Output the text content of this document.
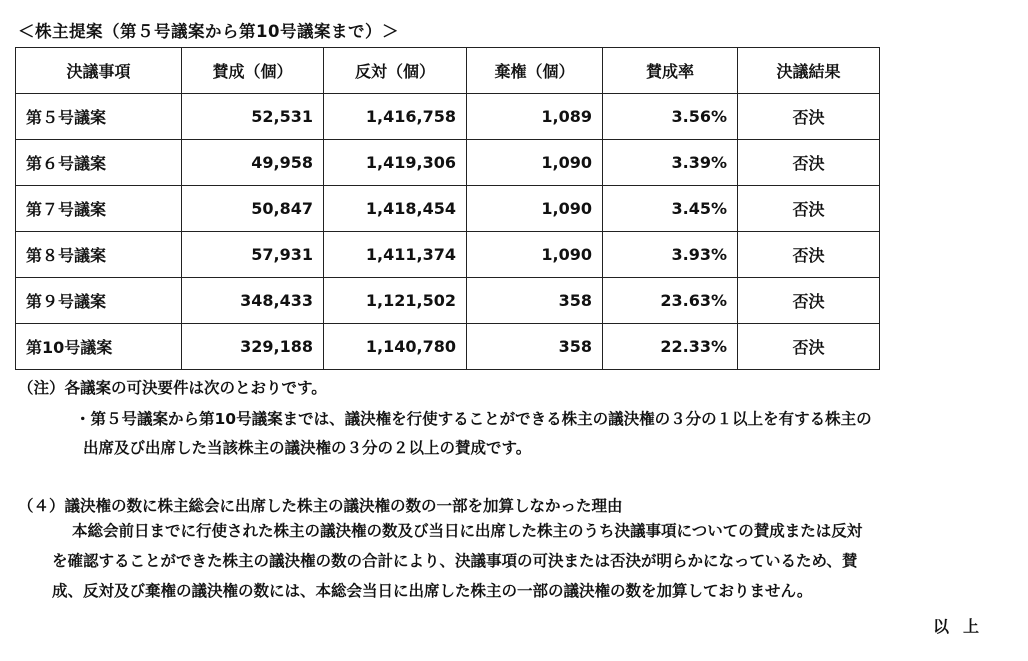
＜株主提案（第５号議案から第10号議案まで）＞
決議事項	賛成（個）	反対（個）	棄権（個）	賛成率	決議結果
第５号議案	52,531	1,416,758	1,089	3.56%	否決
第６号議案	49,958	1,419,306	1,090	3.39%	否決
第７号議案	50,847	1,418,454	1,090	3.45%	否決
第８号議案	57,931	1,411,374	1,090	3.93%	否決
第９号議案	348,433	1,121,502	358	23.63%	否決
第10号議案	329,188	1,140,780	358	22.33%	否決
（注）各議案の可決要件は次のとおりです。
・第５号議案から第10号議案までは、議決権を行使することができる株主の議決権の３分の１以上を有する株主の
出席及び出席した当該株主の議決権の３分の２以上の賛成です。
（４）議決権の数に株主総会に出席した株主の議決権の数の一部を加算しなかった理由
本総会前日までに行使された株主の議決権の数及び当日に出席した株主のうち決議事項についての賛成または反対
を確認することができた株主の議決権の数の合計により、決議事項の可決または否決が明らかになっているため、賛
成、反対及び棄権の議決権の数には、本総会当日に出席した株主の一部の議決権の数を加算しておりません。
以上
